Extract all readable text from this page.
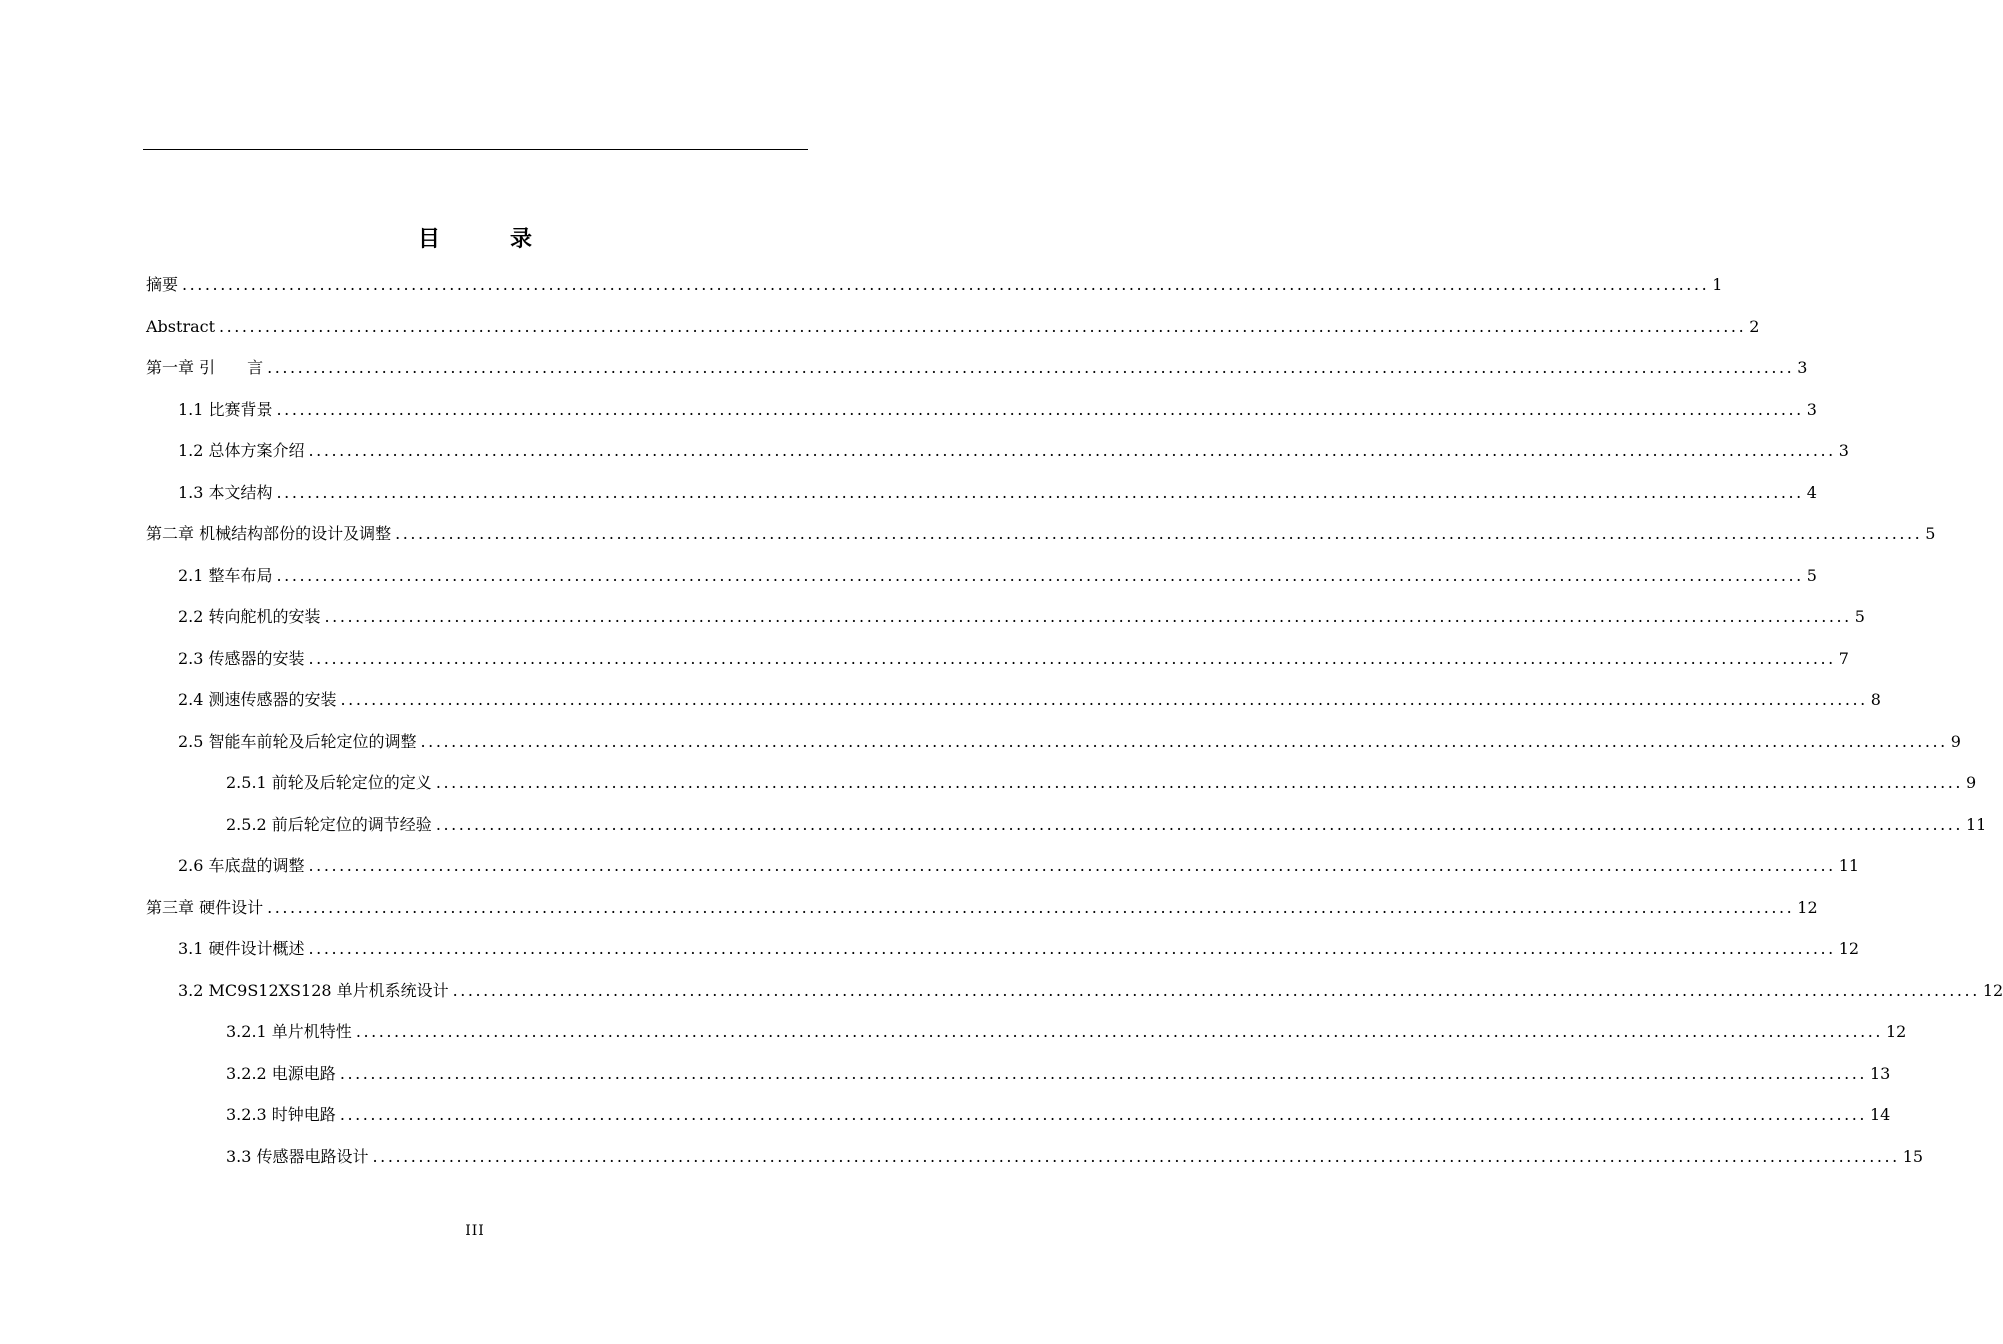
目　录
摘要 ........................................................................................................................................................................................................ 1
Abstract ........................................................................................................................................................................................................ 2
第一章 引　　言 ........................................................................................................................................................................................................ 3
1.1 比赛背景 ........................................................................................................................................................................................................ 3
1.2 总体方案介绍 ........................................................................................................................................................................................................ 3
1.3 本文结构 ........................................................................................................................................................................................................ 4
第二章 机械结构部份的设计及调整 ........................................................................................................................................................................................................ 5
2.1 整车布局 ........................................................................................................................................................................................................ 5
2.2 转向舵机的安装 ........................................................................................................................................................................................................ 5
2.3 传感器的安装 ........................................................................................................................................................................................................ 7
2.4 测速传感器的安装 ........................................................................................................................................................................................................ 8
2.5 智能车前轮及后轮定位的调整 ........................................................................................................................................................................................................ 9
2.5.1 前轮及后轮定位的定义 ........................................................................................................................................................................................................ 9
2.5.2 前后轮定位的调节经验 ........................................................................................................................................................................................................ 11
2.6 车底盘的调整 ........................................................................................................................................................................................................ 11
第三章 硬件设计 ........................................................................................................................................................................................................ 12
3.1 硬件设计概述 ........................................................................................................................................................................................................ 12
3.2 MC9S12XS128 单片机系统设计 ........................................................................................................................................................................................................ 12
3.2.1 单片机特性 ........................................................................................................................................................................................................ 12
3.2.2 电源电路 ........................................................................................................................................................................................................ 13
3.2.3 时钟电路 ........................................................................................................................................................................................................ 14
3.3 传感器电路设计 ........................................................................................................................................................................................................ 15
III
